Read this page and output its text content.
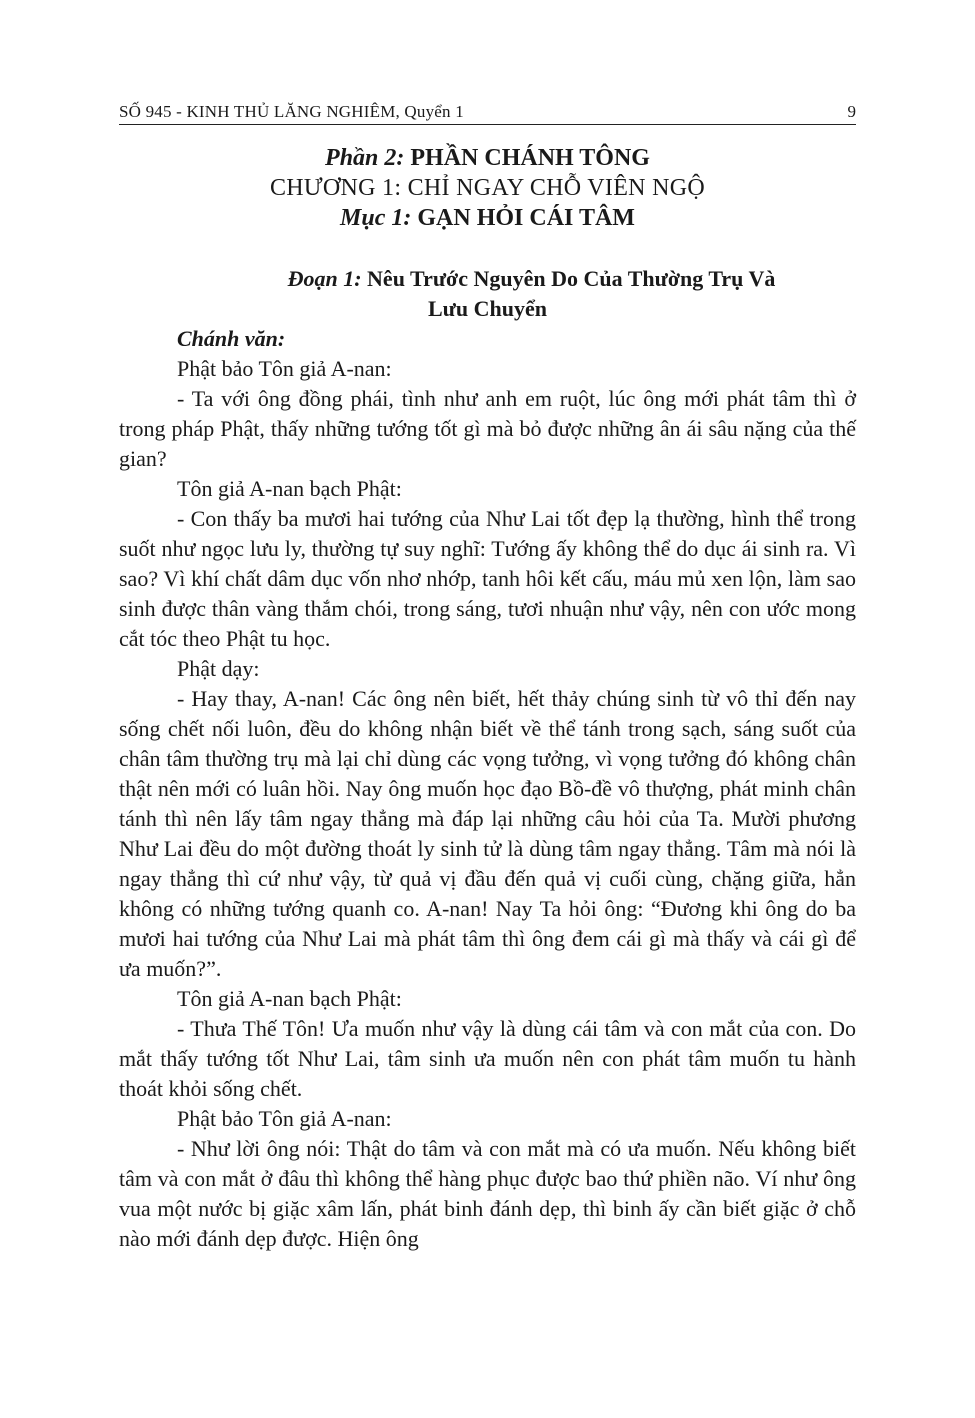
SỐ 945 - KINH THỦ LĂNG NGHIÊM, Quyển 1	9
Phần 2: PHẦN CHÁNH TÔNG
CHƯƠNG 1: CHỈ NGAY CHỖ VIÊN NGỘ
Mục 1: GẠN HỎI CÁI TÂM
Đoạn 1: Nêu Trước Nguyên Do Của Thường Trụ Và
Lưu Chuyển

Chánh văn:

Phật bảo Tôn giả A-nan:

- Ta với ông đồng phái, tình như anh em ruột, lúc ông mới phát tâm thì ở trong pháp Phật, thấy những tướng tốt gì mà bỏ được những ân ái sâu nặng của thế gian?

Tôn giả A-nan bạch Phật:

- Con thấy ba mươi hai tướng của Như Lai tốt đẹp lạ thường, hình thể trong suốt như ngọc lưu ly, thường tự suy nghĩ: Tướng ấy không thể do dục ái sinh ra. Vì sao? Vì khí chất dâm dục vốn nhơ nhớp, tanh hôi kết cấu, máu mủ xen lộn, làm sao sinh được thân vàng thắm chói, trong sáng, tươi nhuận như vậy, nên con ước mong cắt tóc theo Phật tu học.

Phật dạy:

- Hay thay, A-nan! Các ông nên biết, hết thảy chúng sinh từ vô thỉ đến nay sống chết nối luôn, đều do không nhận biết về thể tánh trong sạch, sáng suốt của chân tâm thường trụ mà lại chỉ dùng các vọng tưởng, vì vọng tưởng đó không chân thật nên mới có luân hồi. Nay ông muốn học đạo Bồ-đề vô thượng, phát minh chân tánh thì nên lấy tâm ngay thẳng mà đáp lại những câu hỏi của Ta. Mười phương Như Lai đều do một đường thoát ly sinh tử là dùng tâm ngay thẳng. Tâm mà nói là ngay thẳng thì cứ như vậy, từ quả vị đầu đến quả vị cuối cùng, chặng giữa, hẳn không có những tướng quanh co. A-nan! Nay Ta hỏi ông: “Đương khi ông do ba mươi hai tướng của Như Lai mà phát tâm thì ông đem cái gì mà thấy và cái gì để ưa muốn?”.

Tôn giả A-nan bạch Phật:

- Thưa Thế Tôn! Ưa muốn như vậy là dùng cái tâm và con mắt của con. Do mắt thấy tướng tốt Như Lai, tâm sinh ưa muốn nên con phát tâm muốn tu hành thoát khỏi sống chết.

Phật bảo Tôn giả A-nan:

- Như lời ông nói: Thật do tâm và con mắt mà có ưa muốn. Nếu không biết tâm và con mắt ở đâu thì không thể hàng phục được bao thứ phiền não. Ví như ông vua một nước bị giặc xâm lấn, phát binh đánh dẹp, thì binh ấy cần biết giặc ở chỗ nào mới đánh dẹp được. Hiện ông
